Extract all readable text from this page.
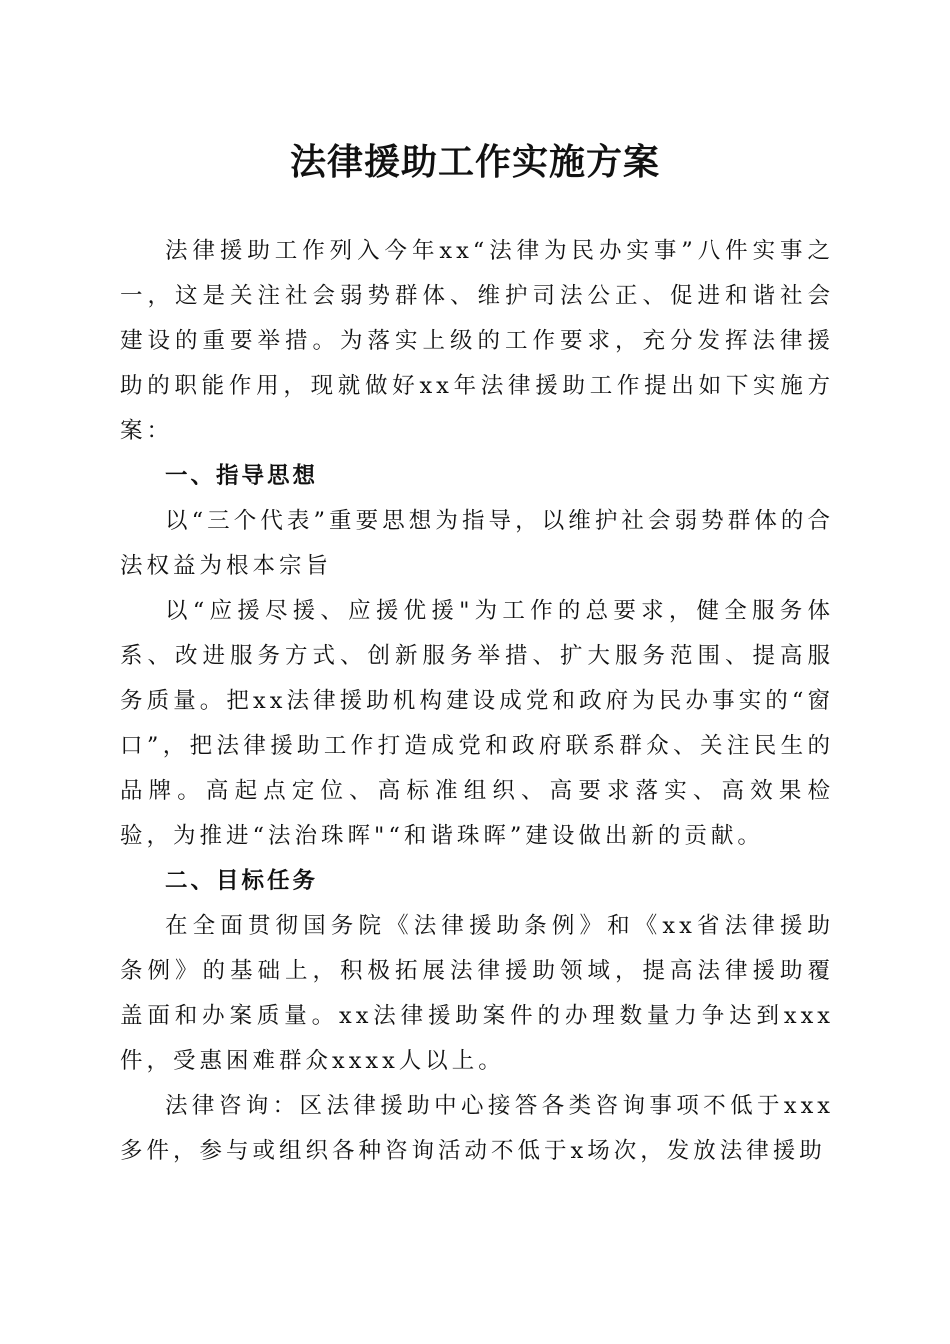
法律援助工作实施方案

法律援助工作列入今年xx“法律为民办实事”八件实事之一，这是关注社会弱势群体、维护司法公正、促进和谐社会建设的重要举措。为落实上级的工作要求，充分发挥法律援助的职能作用，现就做好xx年法律援助工作提出如下实施方案：

一、指导思想

以“三个代表”重要思想为指导，以维护社会弱势群体的合法权益为根本宗旨

以“应援尽援、应援优援"为工作的总要求，健全服务体系、改进服务方式、创新服务举措、扩大服务范围、提高服务质量。把xx法律援助机构建设成党和政府为民办事实的“窗口”，把法律援助工作打造成党和政府联系群众、关注民生的品牌。高起点定位、高标准组织、高要求落实、高效果检验，为推进“法治珠晖"“和谐珠晖”建设做出新的贡献。

二、目标任务

在全面贯彻国务院《法律援助条例》和《xx省法律援助条例》的基础上，积极拓展法律援助领域，提高法律援助覆盖面和办案质量。xx法律援助案件的办理数量力争达到xxx件，受惠困难群众xxxx人以上。

法律咨询：区法律援助中心接答各类咨询事项不低于xxx多件，参与或组织各种咨询活动不低于x场次，发放法律援助
